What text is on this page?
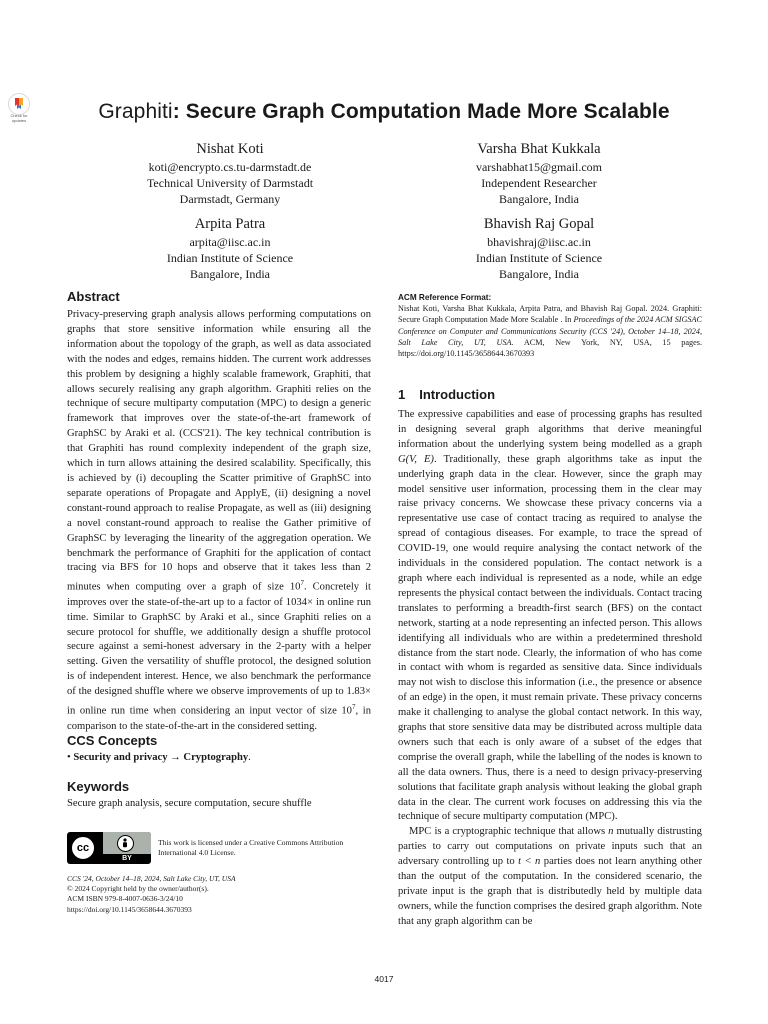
Check for updates	Graphiti: Secure Graph Computation Made More Scalable
Nishat Koti
koti@encrypto.cs.tu-darmstadt.de
Technical University of Darmstadt
Darmstadt, Germany
Varsha Bhat Kukkala
varshabhat15@gmail.com
Independent Researcher
Bangalore, India
Arpita Patra
arpita@iisc.ac.in
Indian Institute of Science
Bangalore, India
Bhavish Raj Gopal
bhavishraj@iisc.ac.in
Indian Institute of Science
Bangalore, India
Abstract

Privacy-preserving graph analysis allows performing computations on graphs that store sensitive information while ensuring all the information about the topology of the graph, as well as data associated with the nodes and edges, remains hidden. The current work addresses this problem by designing a highly scalable framework, Graphiti, that allows securely realising any graph algorithm. Graphiti relies on the technique of secure multiparty computation (MPC) to design a generic framework that improves over the state-of-the-art framework of GraphSC by Araki et al. (CCS'21). The key technical contribution is that Graphiti has round complexity independent of the graph size, which in turn allows attaining the desired scalability. Specifically, this is achieved by (i) decoupling the Scatter primitive of GraphSC into separate operations of Propagate and ApplyE, (ii) designing a novel constant-round approach to realise Propagate, as well as (iii) designing a novel constant-round approach to realise the Gather primitive of GraphSC by leveraging the linearity of the aggregation operation. We benchmark the performance of Graphiti for the application of contact tracing via BFS for 10 hops and observe that it takes less than 2 minutes when computing over a graph of size $10^7$. Concretely it improves over the state-of-the-art up to a factor of 1034× in online run time. Similar to GraphSC by Araki et al., since Graphiti relies on a secure protocol for shuffle, we additionally design a shuffle protocol secure against a semi-honest adversary in the 2-party with a helper setting. Given the versatility of shuffle protocol, the designed solution is of independent interest. Hence, we also benchmark the performance of the designed shuffle where we observe improvements of up to 1.83× in online run time when considering an input vector of size $10^7$, in comparison to the state-of-the-art in the considered setting.

CCS Concepts

• Security and privacy → Cryptography.

Keywords

Secure graph analysis, secure computation, secure shuffle

cc
BY
This work is licensed under a Creative Commons Attribution International 4.0 License.
CCS '24, October 14–18, 2024, Salt Lake City, UT, USA
© 2024 Copyright held by the owner/author(s).
ACM ISBN 979-8-4007-0636-3/24/10
https://doi.org/10.1145/3658644.3670393
ACM Reference Format:

Nishat Koti, Varsha Bhat Kukkala, Arpita Patra, and Bhavish Raj Gopal. 2024. Graphiti: Secure Graph Computation Made More Scalable . In Proceedings of the 2024 ACM SIGSAC Conference on Computer and Communications Security (CCS '24), October 14–18, 2024, Salt Lake City, UT, USA. ACM, New York, NY, USA, 15 pages. https://doi.org/10.1145/3658644.3670393

1 Introduction

The expressive capabilities and ease of processing graphs has resulted in designing several graph algorithms that derive meaningful information about the underlying system being modelled as a graph G(V, E). Traditionally, these graph algorithms take as input the underlying graph data in the clear. However, since the graph may model sensitive user information, processing them in the clear may raise privacy concerns. We showcase these privacy concerns via a representative use case of contact tracing as required to analyse the spread of contagious diseases. For example, to trace the spread of COVID-19, one would require analysing the contact network of the individuals in the considered population. The contact network is a graph where each individual is represented as a node, while an edge represents the physical contact between the individuals. Contact tracing translates to performing a breadth-first search (BFS) on the contact network, starting at a node representing an infected person. This allows identifying all individuals who are within a predetermined threshold distance from the start node. Clearly, the information of who has come in contact with whom is regarded as sensitive data. Since individuals may not wish to disclose this information (i.e., the presence or absence of an edge) in the open, it must remain private. These privacy concerns make it challenging to analyse the global contact network. In this way, graphs that store sensitive data may be distributed across multiple data owners such that each is only aware of a subset of the edges that comprise the overall graph, while the labelling of the nodes is known to all the data owners. Thus, there is a need to design privacy-preserving solutions that facilitate graph analysis without leaking the global graph data in the clear. The current work focuses on addressing this via the technique of secure multiparty computation (MPC).

MPC is a cryptographic technique that allows n mutually distrusting parties to carry out computations on private inputs such that an adversary controlling up to t < n parties does not learn anything other than the output of the computation. In the considered scenario, the private input is the graph that is distributedly held by multiple data owners, while the function comprises the desired graph algorithm. Note that any graph algorithm can be

4017
